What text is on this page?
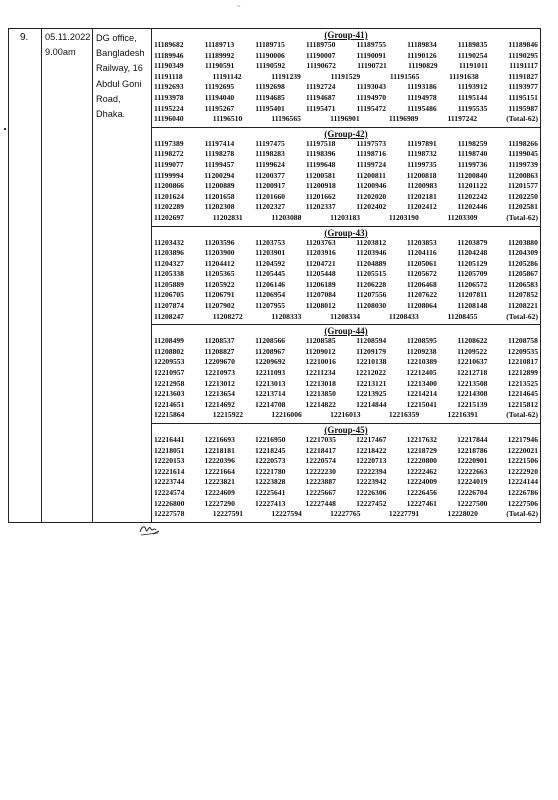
~
9.	05.11.2022
9.00am

DG office,
Bangladesh
Railway, 16
Abdul Goni
Road,
Dhaka.

(Group-41)
11189682	11189713	11189715	11189750	11189755	11189834	11189835	11189846
11189946	11189992	11190006	11190007	11190091	11190126	11190254	11190295
11190349	11190591	11190592	11190672	11190721	11190829	11191011	11191117
11191118	11191142	11191239	11191529	11191565	11191638	11191827
11192693	11192695	11192698	11192724	11193043	11193186	11193912	11193977
11193978	11194040	11194685	11194687	11194970	11194978	11195144	11195151
11195224	11195267	11195401	11195471	11195472	11195486	11195535	11195987
11196040	11196510	11196565	11196901	11196989	11197242	(Total-62)

(Group-42)
11197389	11197414	11197475	11197518	11197573	11197891	11198259	11198266
11198272	11198278	11198283	11198396	11198716	11198732	11198740	11199045
11199077	11199457	11199624	11199648	11199724	11199735	11199736	11199739
11199994	11200294	11200377	11200581	11200811	11200818	11200840	11200863
11200866	11200889	11200917	11200918	11200946	11200983	11201122	11201577
11201624	11201658	11201660	11201662	11202020	11202181	11202242	11202250
11202289	11202308	11202327	11202337	11202402	11202412	11202446	11202581
11202697	11202831	11203088	11203183	11203190	11203309	(Total-62)

(Group-43)
11203432	11203596	11203753	11203763	11203812	11203853	11203879	11203880
11203896	11203900	11203901	11203916	11203946	11204116	11204248	11204309
11204327	11204412	11204592	11204721	11204889	11205061	11205129	11205286
11205338	11205365	11205445	11205448	11205515	11205672	11205709	11205867
11205889	11205922	11206146	11206189	11206228	11206468	11206572	11206583
11206705	11206791	11206954	11207084	11207556	11207622	11207811	11207852
11207874	11207902	11207955	11208012	11208030	11208064	11208148	11208221
11208247	11208272	11208333	11208334	11208433	11208455	(Total-62)

(Group-44)
11208499	11208537	11208566	11208585	11208594	11208595	11208622	11208758
11208802	11208827	11208967	11209012	11209179	11209238	11209522	12209535
12209553	12209670	12209692	12210016	12210138	12210389	12210637	12210817
12210957	12210973	12211093	12211234	12212022	12212405	12212718	12212899
12212958	12213012	12213013	12213018	12213121	12213400	12213508	12213525
12213603	12213654	12213714	12213850	12213925	12214214	12214308	12214645
12214651	12214692	12214708	12214822	12214844	12215041	12215139	12215812
12215864	12215922	12216006	12216013	12216359	12216391	(Total-62)

(Group-45)
12216441	12216693	12216950	12217035	12217467	12217632	12217844	12217946
12218051	12218181	12218245	12218417	12218422	12218729	12218786	12220021
12220153	12220396	12220573	12220574	12220713	12220800	12220901	12221506
12221614	12221664	12221780	12222230	12222394	12222462	12222663	12222920
12223744	12223821	12223828	12223887	12223942	12224009	12224019	12224144
12224574	12224609	12225641	12225667	12226306	12226456	12226704	12226786
12226800	12227290	12227413	12227448	12227452	12227461	12227500	12227506
12227578	12227591	12227594	12227765	12227791	12228020	(Total-62)
